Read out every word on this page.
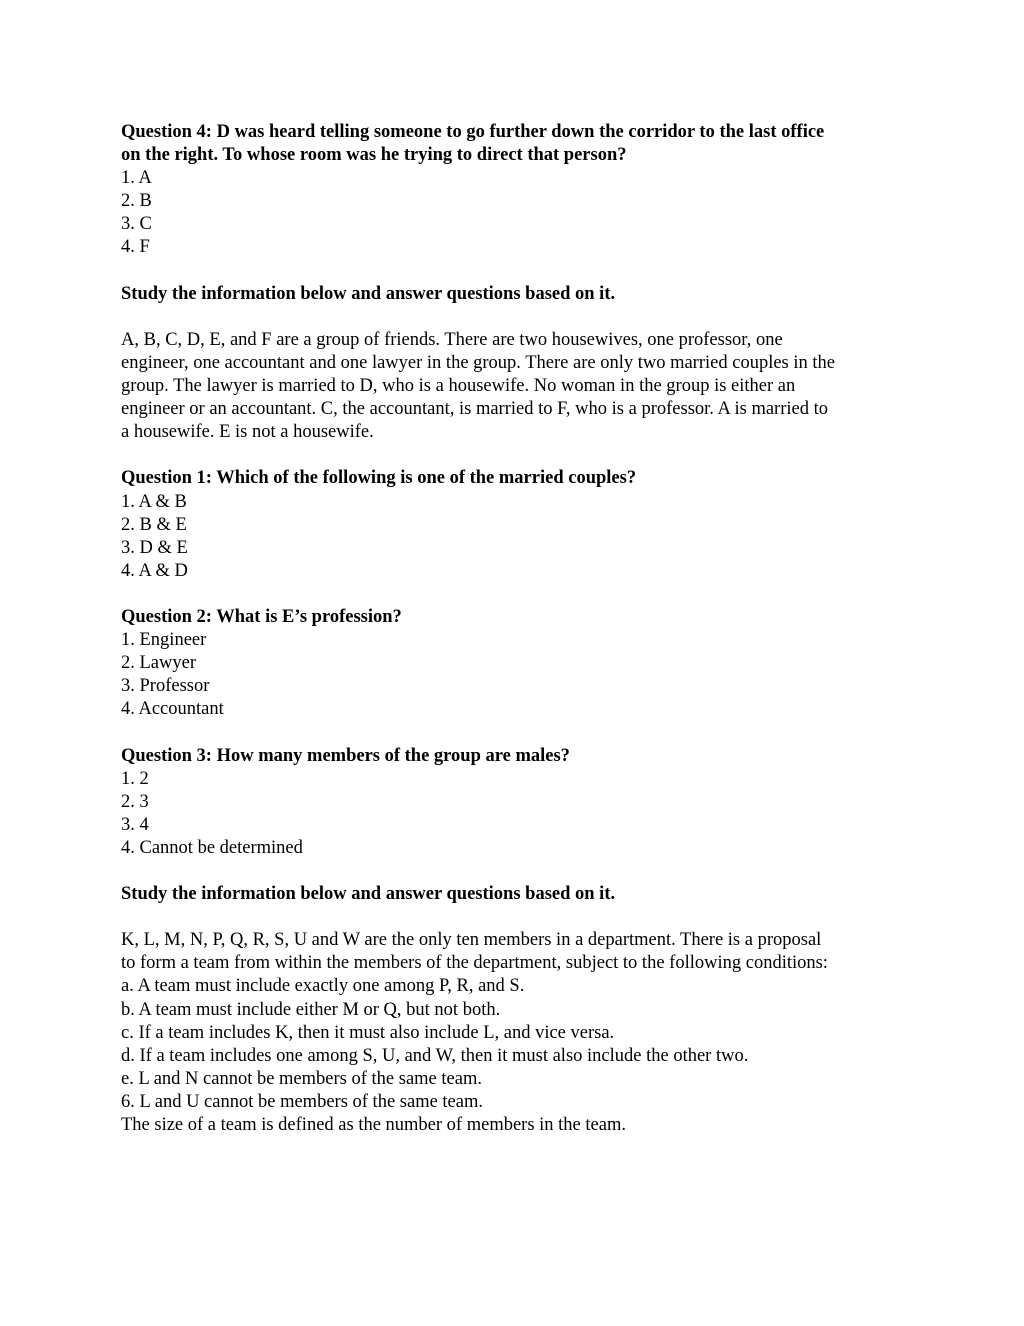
Question 4: D was heard telling someone to go further down the corridor to the last office
on the right. To whose room was he trying to direct that person?
1. A
2. B
3. C
4. F
Study the information below and answer questions based on it.
A, B, C, D, E, and F are a group of friends. There are two housewives, one professor, one
engineer, one accountant and one lawyer in the group. There are only two married couples in the
group. The lawyer is married to D, who is a housewife. No woman in the group is either an
engineer or an accountant. C, the accountant, is married to F, who is a professor. A is married to
a housewife. E is not a housewife.
Question 1: Which of the following is one of the married couples?
1. A & B
2. B & E
3. D & E
4. A & D
Question 2: What is E’s profession?
1. Engineer
2. Lawyer
3. Professor
4. Accountant
Question 3: How many members of the group are males?
1. 2
2. 3
3. 4
4. Cannot be determined
Study the information below and answer questions based on it.
K, L, M, N, P, Q, R, S, U and W are the only ten members in a department. There is a proposal
to form a team from within the members of the department, subject to the following conditions:
a. A team must include exactly one among P, R, and S.
b. A team must include either M or Q, but not both.
c. If a team includes K, then it must also include L, and vice versa.
d. If a team includes one among S, U, and W, then it must also include the other two.
e. L and N cannot be members of the same team.
6. L and U cannot be members of the same team.
The size of a team is defined as the number of members in the team.
